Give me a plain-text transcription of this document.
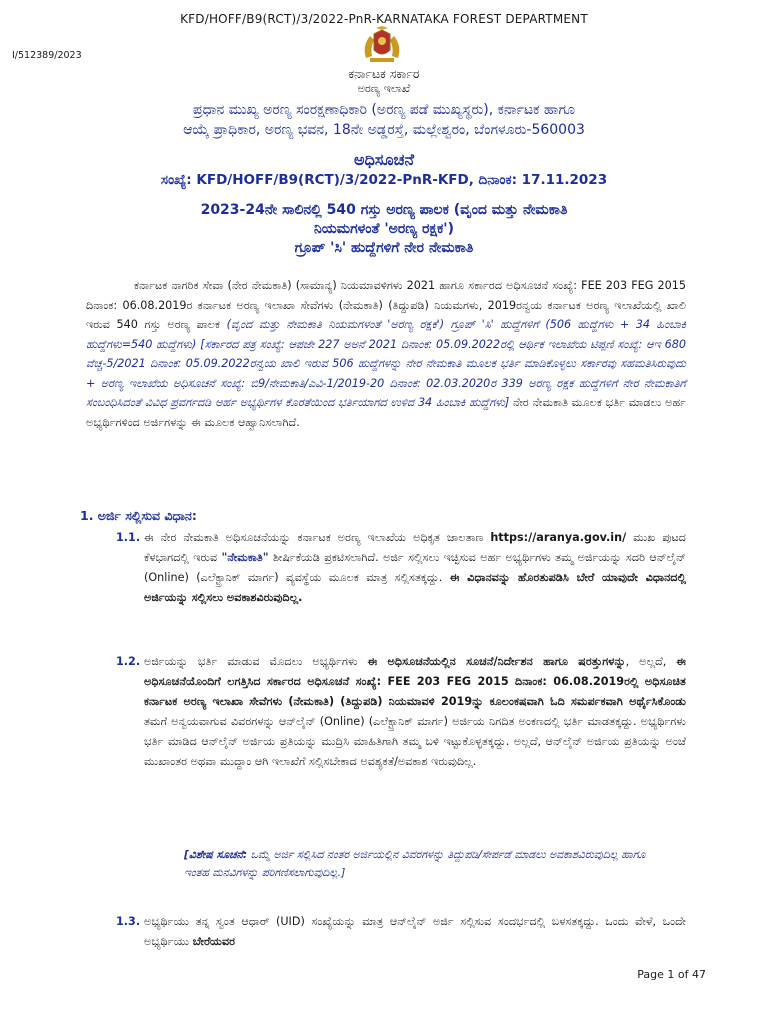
KFD/HOFF/B9(RCT)/3/2022-PnR-KARNATAKA FOREST DEPARTMENT
I/512389/2023
ಕರ್ನಾಟಕ ಸರ್ಕಾರ
ಅರಣ್ಯ ಇಲಾಖೆ
ಪ್ರಧಾನ ಮುಖ್ಯ ಅರಣ್ಯ ಸಂರಕ್ಷಣಾಧಿಕಾರಿ (ಅರಣ್ಯ ಪಡೆ ಮುಖ್ಯಸ್ಥರು), ಕರ್ನಾಟಕ ಹಾಗೂ
ಆಯ್ಕೆ ಪ್ರಾಧಿಕಾರ, ಅರಣ್ಯ ಭವನ, 18ನೇ ಅಡ್ಡರಸ್ತೆ, ಮಲ್ಲೇಶ್ವರಂ, ಬೆಂಗಳೂರು-560003
ಅಧಿಸೂಚನೆ
ಸಂಖ್ಯೆ: KFD/HOFF/B9(RCT)/3/2022-PnR-KFD, ದಿನಾಂಕ: 17.11.2023
2023-24ನೇ ಸಾಲಿನಲ್ಲಿ 540 ಗಸ್ತು ಅರಣ್ಯ ಪಾಲಕ (ವೃಂದ ಮತ್ತು ನೇಮಕಾತಿ
ನಿಯಮಗಳಂತೆ 'ಅರಣ್ಯ ರಕ್ಷಕ')
ಗ್ರೂಪ್ 'ಸಿ' ಹುದ್ದೆಗಳಿಗೆ ನೇರ ನೇಮಕಾತಿ
ಕರ್ನಾಟಕ ನಾಗರಿಕ ಸೇವಾ (ನೇರ ನೇಮಕಾತಿ) (ಸಾಮಾನ್ಯ) ನಿಯಮಾವಳಿಗಳು 2021 ಹಾಗೂ ಸರ್ಕಾರದ ಅಧಿಸೂಚನೆ ಸಂಖ್ಯೆ: FEE 203 FEG 2015 ದಿನಾಂಕ: 06.08.2019ರ ಕರ್ನಾಟಕ ಅರಣ್ಯ ಇಲಾಖಾ ಸೇವೆಗಳು (ನೇಮಕಾತಿ) (ತಿದ್ದುಪಡಿ) ನಿಯಮಗಳು, 2019ರನ್ವಯ ಕರ್ನಾಟಕ ಅರಣ್ಯ ಇಲಾಖೆಯಲ್ಲಿ ಖಾಲಿ ಇರುವ 540 ಗಸ್ತು ಅರಣ್ಯ ಪಾಲಕ (ವೃಂದ ಮತ್ತು ನೇಮಕಾತಿ ನಿಯಮಗಳಂತೆ 'ಅರಣ್ಯ ರಕ್ಷಕ') ಗ್ರೂಪ್ 'ಸಿ' ಹುದ್ದೆಗಳಿಗೆ (506 ಹುದ್ದೆಗಳು + 34 ಹಿಂಬಾಕಿ ಹುದ್ದೆಗಳು=540 ಹುದ್ದೆಗಳು) [ಸರ್ಕಾರದ ಪತ್ರ ಸಂಖ್ಯೆ: ಆಪಜೇ 227 ಅಅನೆ 2021 ದಿನಾಂಕ: 05.09.2022ರಲ್ಲಿ ಆರ್ಥಿಕ ಇಲಾಖೆಯ ಟಿಪ್ಪಣಿ ಸಂಖ್ಯೆ: ಆಇ 680 ವೆಚ್ಚ-5/2021 ದಿನಾಂಕ: 05.09.2022ರನ್ವಯ ಖಾಲಿ ಇರುವ 506 ಹುದ್ದೆಗಳನ್ನು ನೇರ ನೇಮಕಾತಿ ಮೂಲಕ ಭರ್ತಿ ಮಾಡಿಕೊಳ್ಳಲು ಸರ್ಕಾರವು ಸಹಮತಿಸಿರುವುದು + ಅರಣ್ಯ ಇಲಾಖೆಯ ಅಧಿಸೂಚನೆ ಸಂಖ್ಯೆ: ಬಿ9/ನೇಮಕಾತಿ/ಎವಿ-1/2019-20 ದಿನಾಂಕ: 02.03.2020ರ 339 ಅರಣ್ಯ ರಕ್ಷಕ ಹುದ್ದೆಗಳಿಗೆ ನೇರ ನೇಮಕಾತಿಗೆ ಸಂಬಂಧಿಸಿದಂತೆ ವಿವಿಧ ಪ್ರವರ್ಗದಡಿ ಅರ್ಹ ಅಭ್ಯರ್ಥಿಗಳ ಕೊರತೆಯಿಂದ ಭರ್ತಿಯಾಗದ ಉಳಿದ 34 ಹಿಂಬಾಕಿ ಹುದ್ದೆಗಳು] ನೇರ ನೇಮಕಾತಿ ಮೂಲಕ ಭರ್ತಿ ಮಾಡಲು ಅರ್ಹ ಅಭ್ಯರ್ಥಿಗಳಿಂದ ಅರ್ಜಿಗಳನ್ನು ಈ ಮೂಲಕ ಆಹ್ವಾನಿಸಲಾಗಿದೆ.
1. ಅರ್ಜಿ ಸಲ್ಲಿಸುವ ವಿಧಾನ:
1.1. ಈ ನೇರ ನೇಮಕಾತಿ ಅಧಿಸೂಚನೆಯನ್ನು ಕರ್ನಾಟಕ ಅರಣ್ಯ ಇಲಾಖೆಯ ಅಧಿಕೃತ ಜಾಲತಾಣ https://aranya.gov.in/ ಮುಖ ಪುಟದ ಕೆಳಭಾಗದಲ್ಲಿ ಇರುವ "ನೇಮಕಾತಿ" ಶೀರ್ಷಿಕೆಯಡಿ ಪ್ರಕಟಿಸಲಾಗಿದೆ. ಅರ್ಜಿ ಸಲ್ಲಿಸಲು ಇಚ್ಛಿಸುವ ಅರ್ಹ ಅಭ್ಯರ್ಥಿಗಳು ತಮ್ಮ ಅರ್ಜಿಯನ್ನು ಸದರಿ ಆನ್‌ಲೈನ್ (Online) (ಎಲೆಕ್ಟ್ರಾನಿಕ್ ಮಾರ್ಗ) ವ್ಯವಸ್ಥೆಯ ಮೂಲಕ ಮಾತ್ರ ಸಲ್ಲಿಸತಕ್ಕದ್ದು. ಈ ವಿಧಾನವನ್ನು ಹೊರತುಪಡಿಸಿ ಬೇರೆ ಯಾವುದೇ ವಿಧಾನದಲ್ಲಿ ಅರ್ಜಿಯನ್ನು ಸಲ್ಲಿಸಲು ಅವಕಾಶವಿರುವುದಿಲ್ಲ.
1.2. ಅರ್ಜಿಯನ್ನು ಭರ್ತಿ ಮಾಡುವ ಮೊದಲು ಅಭ್ಯರ್ಥಿಗಳು ಈ ಅಧಿಸೂಚನೆಯಲ್ಲಿನ ಸೂಚನೆ/ನಿರ್ದೇಶನ ಹಾಗೂ ಷರತ್ತುಗಳನ್ನು, ಅಲ್ಲದೆ, ಈ ಅಧಿಸೂಚನೆಯೊಂದಿಗೆ ಲಗತ್ತಿಸಿದ ಸರ್ಕಾರದ ಅಧಿಸೂಚನೆ ಸಂಖ್ಯೆ: FEE 203 FEG 2015 ದಿನಾಂಕ: 06.08.2019ರಲ್ಲಿ ಅಧಿಸೂಚಿತ ಕರ್ನಾಟಕ ಅರಣ್ಯ ಇಲಾಖಾ ಸೇವೆಗಳು (ನೇಮಕಾತಿ) (ತಿದ್ದುಪಡಿ) ನಿಯಮಾವಳಿ 2019ನ್ನು ಕೂಲಂಕಷವಾಗಿ ಓದಿ ಸಮರ್ಪಕವಾಗಿ ಅರ್ಥೈಸಿಕೊಂಡು ತಮಗೆ ಅನ್ವಯವಾಗುವ ವಿವರಗಳನ್ನು ಆನ್‌ಲೈನ್ (Online) (ಎಲೆಕ್ಟ್ರಾನಿಕ್ ಮಾರ್ಗ) ಅರ್ಜಿಯ ನಿಗದಿತ ಅಂಕಣದಲ್ಲಿ ಭರ್ತಿ ಮಾಡತಕ್ಕದ್ದು. ಅಭ್ಯರ್ಥಿಗಳು ಭರ್ತಿ ಮಾಡಿದ ಆನ್‌ಲೈನ್ ಅರ್ಜಿಯ ಪ್ರತಿಯನ್ನು ಮುದ್ರಿಸಿ ಮಾಹಿತಿಗಾಗಿ ತಮ್ಮ ಬಳಿ ಇಟ್ಟುಕೊಳ್ಳತಕ್ಕದ್ದು. ಅಲ್ಲದೆ, ಆನ್‌ಲೈನ್ ಅರ್ಜಿಯ ಪ್ರತಿಯನ್ನು ಅಂಚೆ ಮುಖಾಂತರ ಅಥವಾ ಮುದ್ದಾಂ ಆಗಿ ಇಲಾಖೆಗೆ ಸಲ್ಲಿಸಬೇಕಾದ ಅವಶ್ಯಕತೆ/ಅವಕಾಶ ಇರುವುದಿಲ್ಲ.
[ವಿಶೇಷ ಸೂಚನೆ: ಒಮ್ಮೆ ಅರ್ಜಿ ಸಲ್ಲಿಸಿದ ನಂತರ ಅರ್ಜಿಯಲ್ಲಿನ ವಿವರಗಳನ್ನು ತಿದ್ದುಪಡಿ/ಸೇರ್ಪಡೆ ಮಾಡಲು ಅವಕಾಶವಿರುವುದಿಲ್ಲ ಹಾಗೂ ಇಂತಹ ಮನವಿಗಳನ್ನು ಪರಿಗಣಿಸಲಾಗುವುದಿಲ್ಲ.]
1.3. ಅಭ್ಯರ್ಥಿಯು ತನ್ನ ಸ್ವಂತ ಆಧಾರ್ (UID) ಸಂಖ್ಯೆಯನ್ನು ಮಾತ್ರ ಆನ್‌ಲೈನ್ ಅರ್ಜಿ ಸಲ್ಲಿಸುವ ಸಂದರ್ಭದಲ್ಲಿ ಬಳಸತಕ್ಕದ್ದು. ಒಂದು ವೇಳೆ, ಒಂದೇ ಅಭ್ಯರ್ಥಿಯು ಬೇರೆಯವರ
Page 1 of 47
